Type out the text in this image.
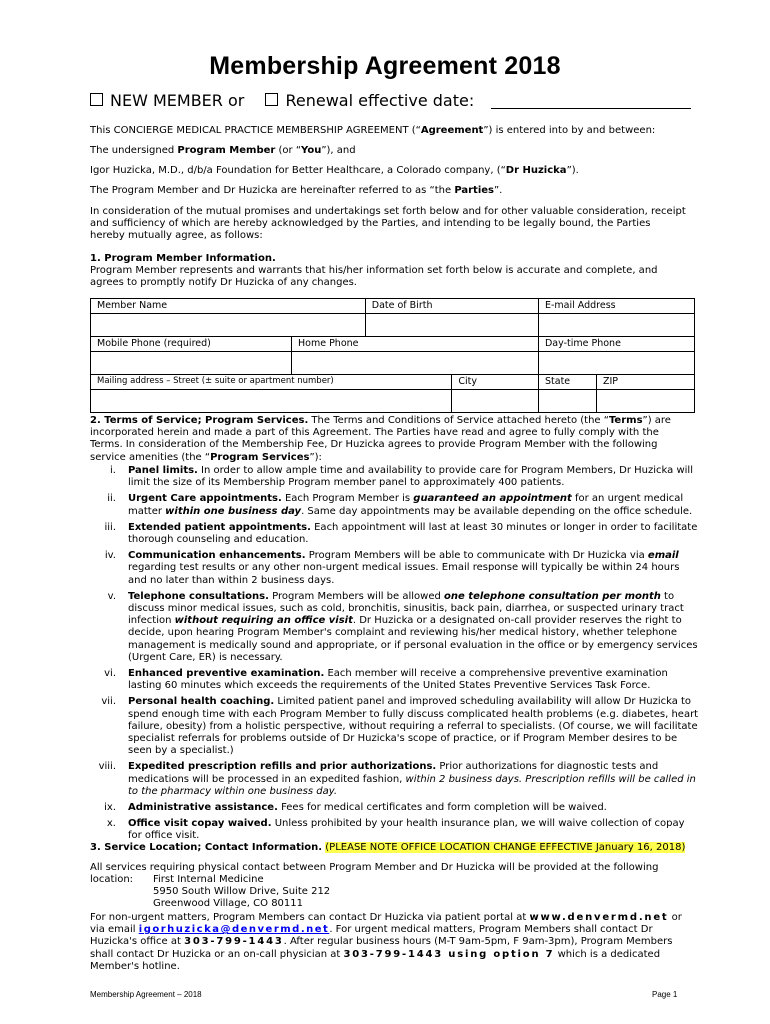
Membership Agreement 2018
NEW MEMBER or	Renewal effective date:
This CONCIERGE MEDICAL PRACTICE MEMBERSHIP AGREEMENT (“Agreement”) is entered into by and between:
The undersigned Program Member (or “You”), and
Igor Huzicka, M.D., d/b/a Foundation for Better Healthcare, a Colorado company, (“Dr Huzicka”).
The Program Member and Dr Huzicka are hereinafter referred to as “the Parties”.
In consideration of the mutual promises and undertakings set forth below and for other valuable consideration, receipt and sufficiency of which are hereby acknowledged by the Parties, and intending to be legally bound, the Parties hereby mutually agree, as follows:
1. Program Member Information.
Program Member represents and warrants that his/her information set forth below is accurate and complete, and agrees to promptly notify Dr Huzicka of any changes.
Member Name		Date of Birth		E-mail Address	

Mobile Phone (required)	Home Phone			Day-time Phone	

Mailing address – Street (± suite or apartment number)			City	State	ZIP

2. Terms of Service; Program Services. The Terms and Conditions of Service attached hereto (the “Terms”) are incorporated herein and made a part of this Agreement. The Parties have read and agree to fully comply with the Terms. In consideration of the Membership Fee, Dr Huzicka agrees to provide Program Member with the following service amenities (the “Program Services”):
i. Panel limits. In order to allow ample time and availability to provide care for Program Members, Dr Huzicka will limit the size of its Membership Program member panel to approximately 400 patients.
ii. Urgent Care appointments. Each Program Member is guaranteed an appointment for an urgent medical matter within one business day. Same day appointments may be available depending on the office schedule.
iii. Extended patient appointments. Each appointment will last at least 30 minutes or longer in order to facilitate thorough counseling and education.
iv. Communication enhancements. Program Members will be able to communicate with Dr Huzicka via email regarding test results or any other non-urgent medical issues. Email response will typically be within 24 hours and no later than within 2 business days.
v. Telephone consultations. Program Members will be allowed one telephone consultation per month to discuss minor medical issues, such as cold, bronchitis, sinusitis, back pain, diarrhea, or suspected urinary tract infection without requiring an office visit. Dr Huzicka or a designated on-call provider reserves the right to decide, upon hearing Program Member's complaint and reviewing his/her medical history, whether telephone management is medically sound and appropriate, or if personal evaluation in the office or by emergency services (Urgent Care, ER) is necessary.
vi. Enhanced preventive examination. Each member will receive a comprehensive preventive examination lasting 60 minutes which exceeds the requirements of the United States Preventive Services Task Force.
vii. Personal health coaching. Limited patient panel and improved scheduling availability will allow Dr Huzicka to spend enough time with each Program Member to fully discuss complicated health problems (e.g. diabetes, heart failure, obesity) from a holistic perspective, without requiring a referral to specialists. (Of course, we will facilitate specialist referrals for problems outside of Dr Huzicka's scope of practice, or if Program Member desires to be seen by a specialist.)
viii. Expedited prescription refills and prior authorizations. Prior authorizations for diagnostic tests and medications will be processed in an expedited fashion, within 2 business days. Prescription refills will be called in to the pharmacy within one business day.
ix. Administrative assistance. Fees for medical certificates and form completion will be waived.
x. Office visit copay waived. Unless prohibited by your health insurance plan, we will waive collection of copay for office visit.
3. Service Location; Contact Information. (PLEASE NOTE OFFICE LOCATION CHANGE EFFECTIVE January 16, 2018)
All services requiring physical contact between Program Member and Dr Huzicka will be provided at the following location:	First Internal Medicine
5950 South Willow Drive, Suite 212
Greenwood Village, CO 80111
For non-urgent matters, Program Members can contact Dr Huzicka via patient portal at www.denvermd.net or via email igorhuzicka@denvermd.net. For urgent medical matters, Program Members shall contact Dr Huzicka's office at 303-799-1443. After regular business hours (M-T 9am-5pm, F 9am-3pm), Program Members shall contact Dr Huzicka or an on-call physician at 303-799-1443 using option 7 which is a dedicated Member's hotline.
Membership Agreement – 2018	Page 1
